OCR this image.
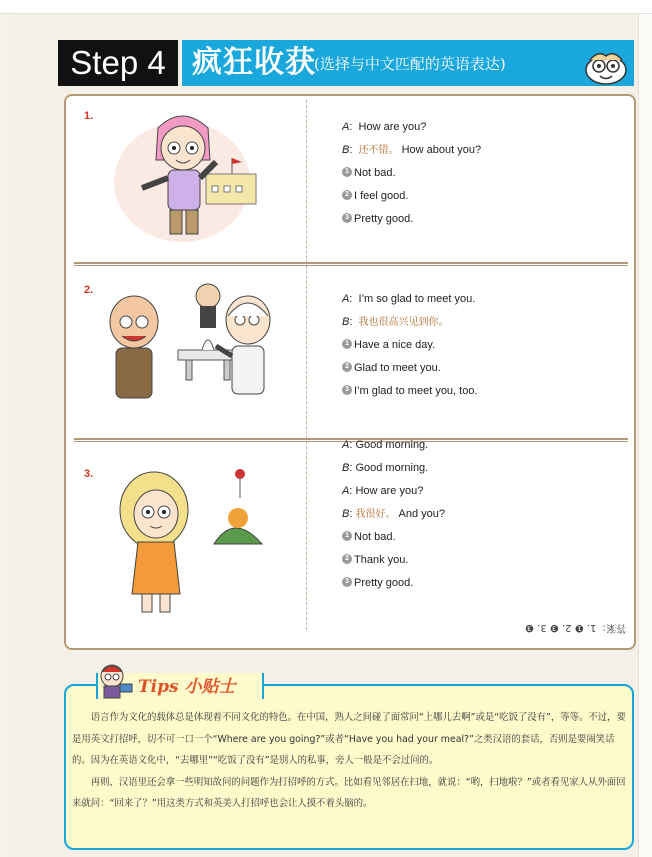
Step 4 疯狂收获
(选择与中文匹配的英语表达)
1.
A:  How are you?
B:  还不错。 How about you?
1 Not bad.
2 I feel good.
3 Pretty good.
2.
A:  I’m so glad to meet you.
B:  我也很高兴见到你。
1 Have a nice day.
2 Glad to meet you.
3 I’m glad to meet you, too.
3.
A: Good morning.
B: Good morning.
A: How are you?
B: 我很好。 And you?
1 Not bad.
2 Thank you.
3 Pretty good.
答案：1. ❶ 2. ❸ 3. ❸
Tips 小贴士

语言作为文化的载体总是体现着不同文化的特色。在中国，熟人之间碰了面常问“上哪儿去啊”或是“吃饭了没有”，等等。不过，要是用英文打招呼，切不可一口一个“Where are you going?”或者“Have you had your meal?”之类汉语的套话，否则是要闹笑话的。因为在英语文化中，“去哪里”“吃饭了没有”是别人的私事，旁人一般是不会过问的。

再则，汉语里还会拿一些明知故问的问题作为打招呼的方式。比如看见邻居在扫地，就说：“哟，扫地啦？”或者看见家人从外面回来就问：“回来了？”用这类方式和英美人打招呼也会让人摸不着头脑的。
